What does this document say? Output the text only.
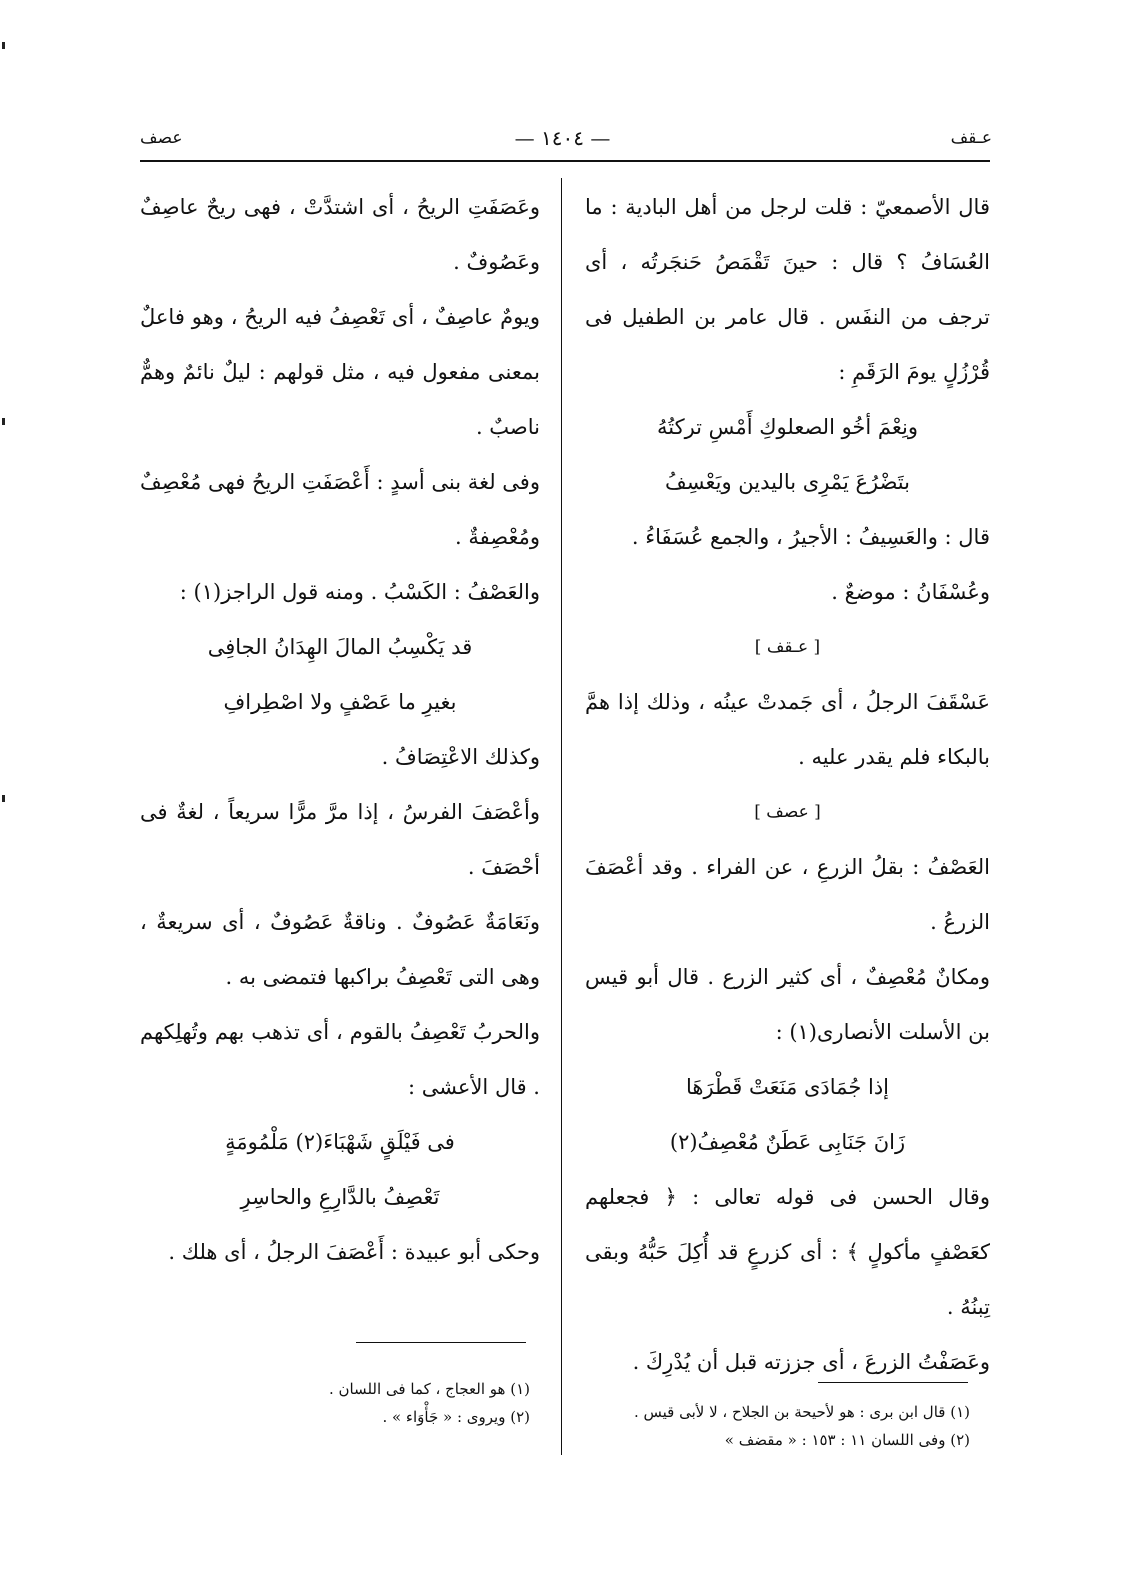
عـقف
— ١٤٠٤ —
عصف

قال الأصمعيّ : قلت لرجل من أهل البادية : ما العُسَافُ ؟ قال : حينَ تَقْمَصُ حَنجَرتُه ، أى ترجف من النفَس . قال عامر بن الطفيل فى قُرْزُلٍ يومَ الرَقَمِ :

ونِعْمَ أخُو الصعلوكِ أَمْسِ تركتُهُ

بتَضْرُعَ يَمْرِى باليدين ويَعْسِفُ

قال : والعَسِيفُ : الأجيرُ ، والجمع عُسَفَاءُ .

وعُسْفَانُ : موضعٌ .

[ عـقف ]

عَسْقَفَ الرجلُ ، أى جَمدتْ عينُه ، وذلك إذا همَّ بالبكاء فلم يقدر عليه .

[ عصف ]

العَصْفُ : بقلُ الزرعِ ، عن الفراء . وقد أعْصَفَ الزرعُ .

ومكانٌ مُعْصِفٌ ، أى كثير الزرع . قال أبو قيس بن الأسلت الأنصارى(١) :

إذا جُمَادَى مَنَعَتْ قَطْرَهَا

زَانَ جَنَابِى عَطَنٌ مُعْصِفُ(٢)

وقال الحسن فى قوله تعالى : ﴿ فجعلهم كعَصْفٍ مأكولٍ ﴾ : أى كزرعٍ قد أُكِلَ حَبُّهُ وبقى تِبنُهُ .

وعَصَفْتُ الزرعَ ، أى جززته قبل أن يُدْرِكَ .

وعَصَفَتِ الريحُ ، أى اشتدَّتْ ، فهى ريحٌ عاصِفٌ وعَصُوفٌ .

ويومٌ عاصِفٌ ، أى تَعْصِفُ فيه الريحُ ، وهو فاعلٌ بمعنى مفعول فيه ، مثل قولهم : ليلٌ نائمٌ وهمٌّ ناصبٌ .

وفى لغة بنى أسدٍ : أَعْصَفَتِ الريحُ فهى مُعْصِفٌ ومُعْصِفةٌ .

والعَصْفُ : الكَسْبُ . ومنه قول الراجز(١) :

قد يَكْسِبُ المالَ الهِدَانُ الجافِى

بغيرِ ما عَصْفٍ ولا اصْطِرافِ

وكذلك الاعْتِصَافُ .

وأعْصَفَ الفرسُ ، إذا مرَّ مرًّا سريعاً ، لغةٌ فى أحْصَفَ .

ونَعَامَةٌ عَصُوفٌ . وناقةٌ عَصُوفٌ ، أى سريعةٌ ، وهى التى تَعْصِفُ براكبها فتمضى به .

والحربُ تَعْصِفُ بالقوم ، أى تذهب بهم وتُهلِكهم . قال الأعشى :

فى فَيْلَقٍ شَهْبَاءَ(٢) مَلْمُومَةٍ

تَعْصِفُ بالدَّارِعِ والحاسِرِ

وحكى أبو عبيدة : أَعْصَفَ الرجلُ ، أى هلك .

(١) هو العجاج ، كما فى اللسان .
(٢) ويروى : « جَأْوَاء » .	(١) قال ابن برى : هو لأحيحة بن الجلاح ، لا لأبى قيس .
(٢) وفى اللسان ١١ : ١٥٣ : « مقضف »
